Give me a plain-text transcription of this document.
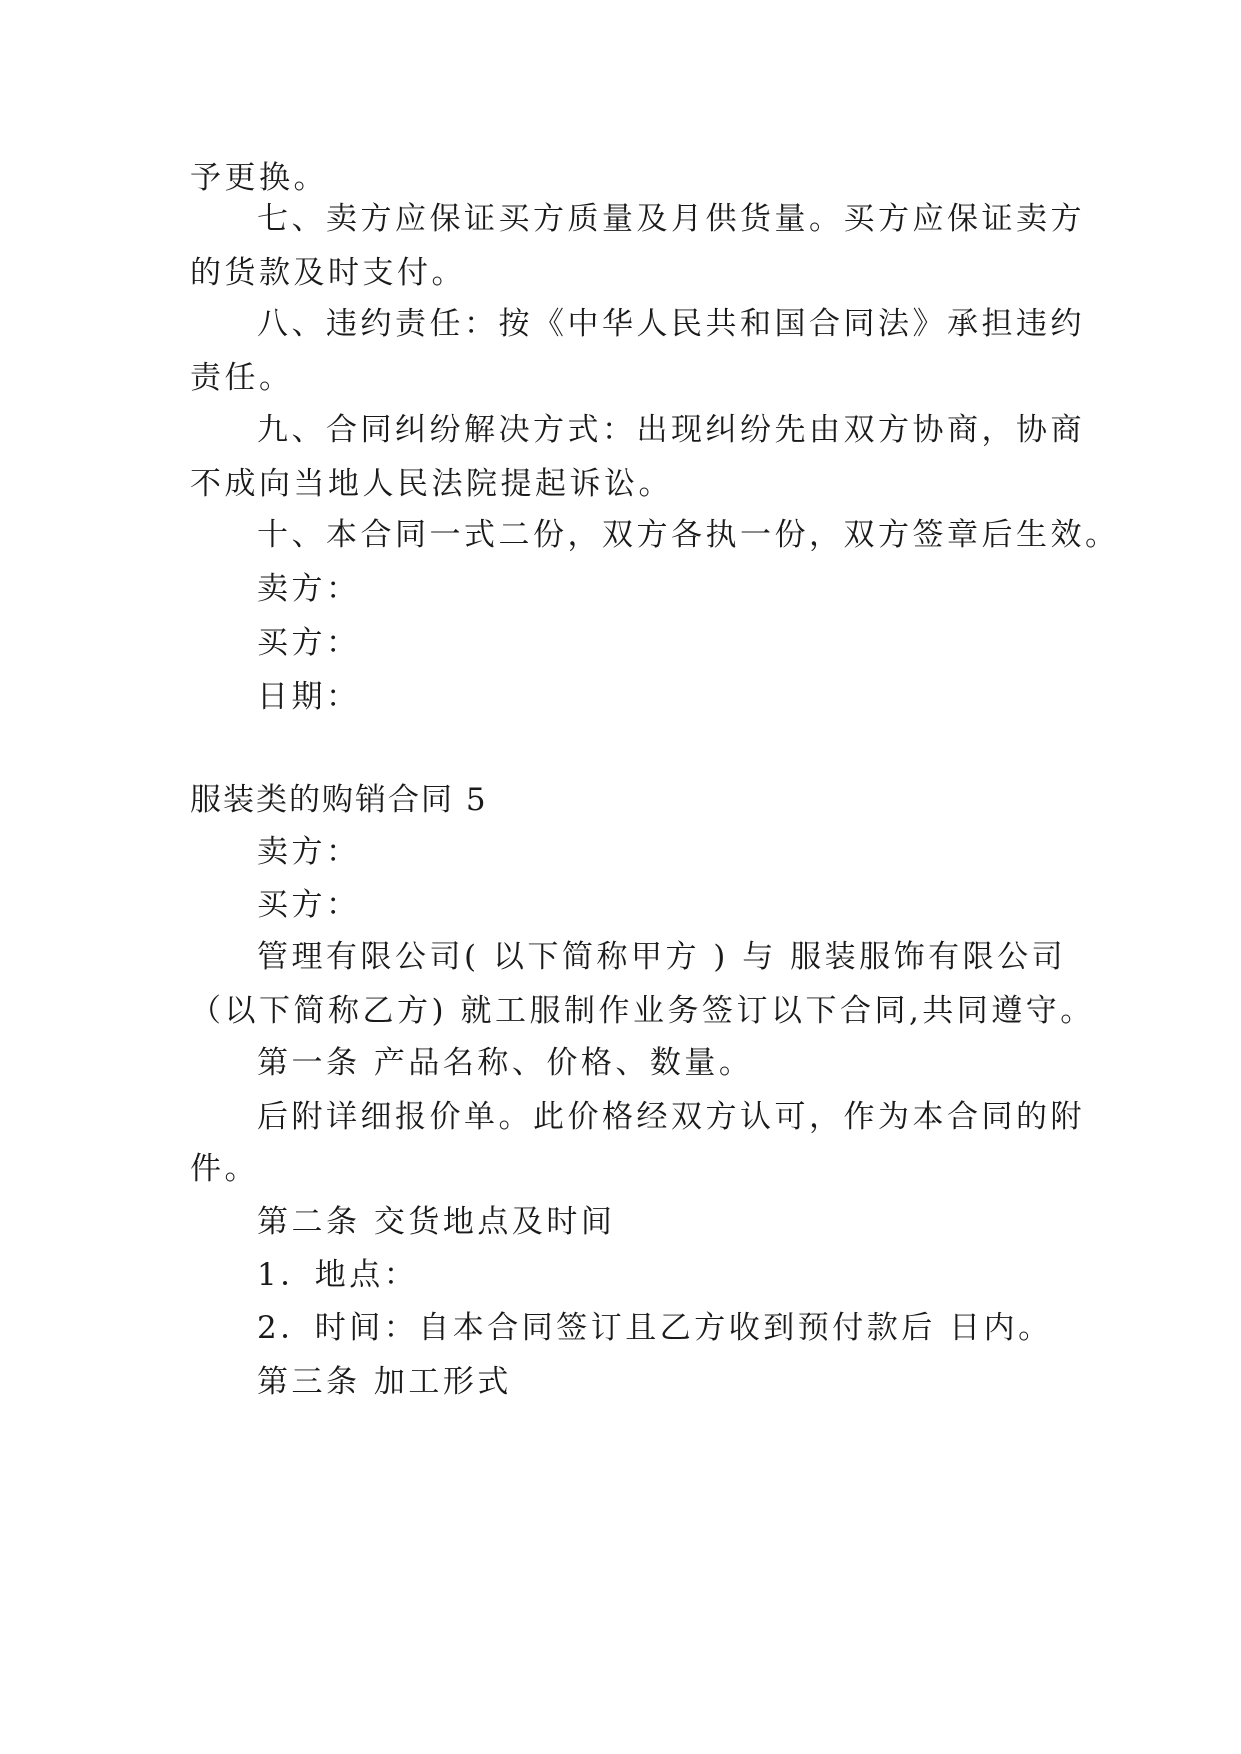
予更换。
七、卖方应保证买方质量及月供货量。买方应保证卖方
的货款及时支付。
八、违约责任：按《中华人民共和国合同法》承担违约
责任。
九、合同纠纷解决方式：出现纠纷先由双方协商，协商
不成向当地人民法院提起诉讼。
十、本合同一式二份，双方各执一份，双方签章后生效。
卖方：
买方：
日期：
服装类的购销合同 5
卖方：
买方：
管理有限公司( 以下简称甲方 ) 与 服装服饰有限公司
（以下简称乙方) 就工服制作业务签订以下合同,共同遵守。
第一条 产品名称、价格、数量。
后附详细报价单。此价格经双方认可，作为本合同的附
件。
第二条 交货地点及时间
1．地点：
2．时间：自本合同签订且乙方收到预付款后 日内。
第三条 加工形式
